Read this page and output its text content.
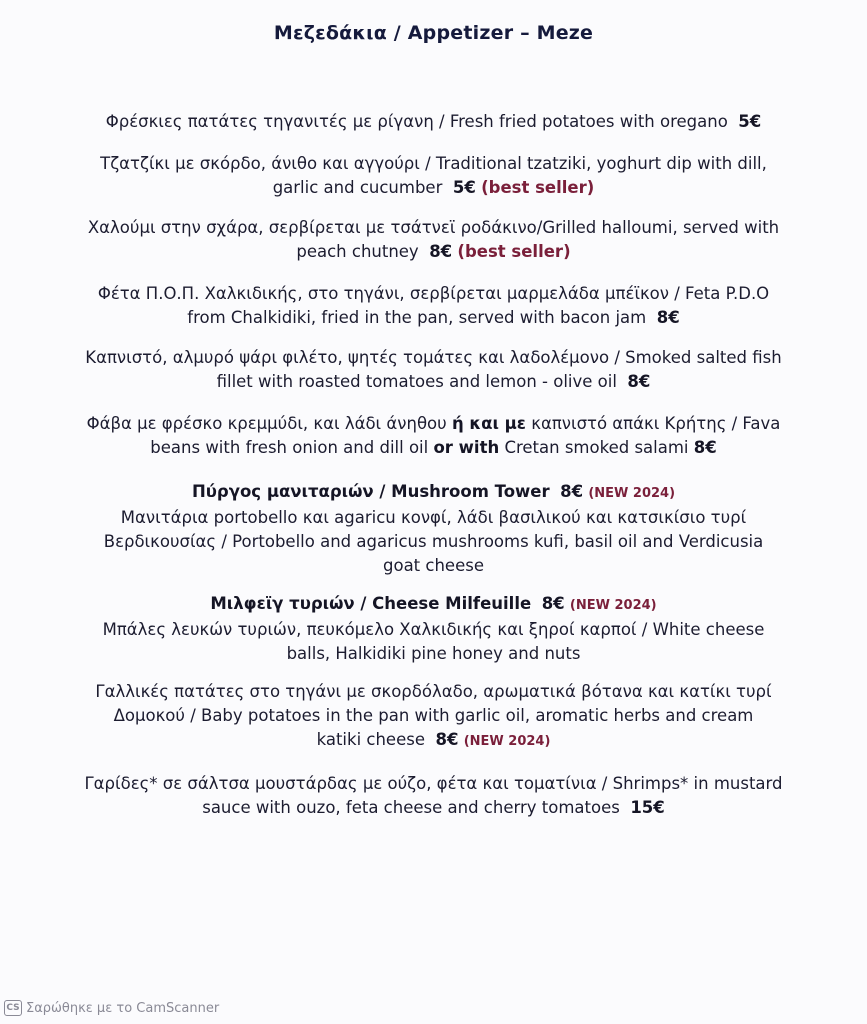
Μεζεδάκια / Appetizer – Meze
Φρέσκιες πατάτες τηγανιτές με ρίγανη / Fresh fried potatoes with oregano 5€
Τζατζίκι με σκόρδο, άνιθο και αγγούρι / Traditional tzatziki, yoghurt dip with dill,
garlic and cucumber 5€ (best seller)
Χαλούμι στην σχάρα, σερβίρεται με τσάτνεϊ ροδάκινο/Grilled halloumi, served with
peach chutney 8€ (best seller)
Φέτα Π.Ο.Π. Χαλκιδικής, στο τηγάνι, σερβίρεται μαρμελάδα μπέϊκον / Feta P.D.O
from Chalkidiki, fried in the pan, served with bacon jam 8€
Καπνιστό, αλμυρό ψάρι φιλέτο, ψητές τομάτες και λαδολέμονο / Smoked salted fish
fillet with roasted tomatoes and lemon - olive oil 8€
Φάβα με φρέσκο κρεμμύδι, και λάδι άνηθου ή και με καπνιστό απάκι Κρήτης / Fava
beans with fresh onion and dill oil or with Cretan smoked salami 8€
Πύργος μανιταριών / Mushroom Tower 8€ (NEW 2024)
Μανιτάρια portobello και agaricu κονφί, λάδι βασιλικού και κατσικίσιο τυρί
Βερδικουσίας / Portobello and agaricus mushrooms kufi, basil oil and Verdicusia
goat cheese
Μιλφεϊγ τυριών / Cheese Milfeuille 8€ (NEW 2024)
Μπάλες λευκών τυριών, πευκόμελο Χαλκιδικής και ξηροί καρποί / White cheese
balls, Halkidiki pine honey and nuts
Γαλλικές πατάτες στο τηγάνι με σκορδόλαδο, αρωματικά βότανα και κατίκι τυρί
Δομοκού / Baby potatoes in the pan with garlic oil, aromatic herbs and cream
katiki cheese 8€ (NEW 2024)
Γαρίδες* σε σάλτσα μουστάρδας με ούζο, φέτα και τοματίνια / Shrimps* in mustard
sauce with ouzo, feta cheese and cherry tomatoes 15€
CS Σαρώθηκε με το CamScanner
